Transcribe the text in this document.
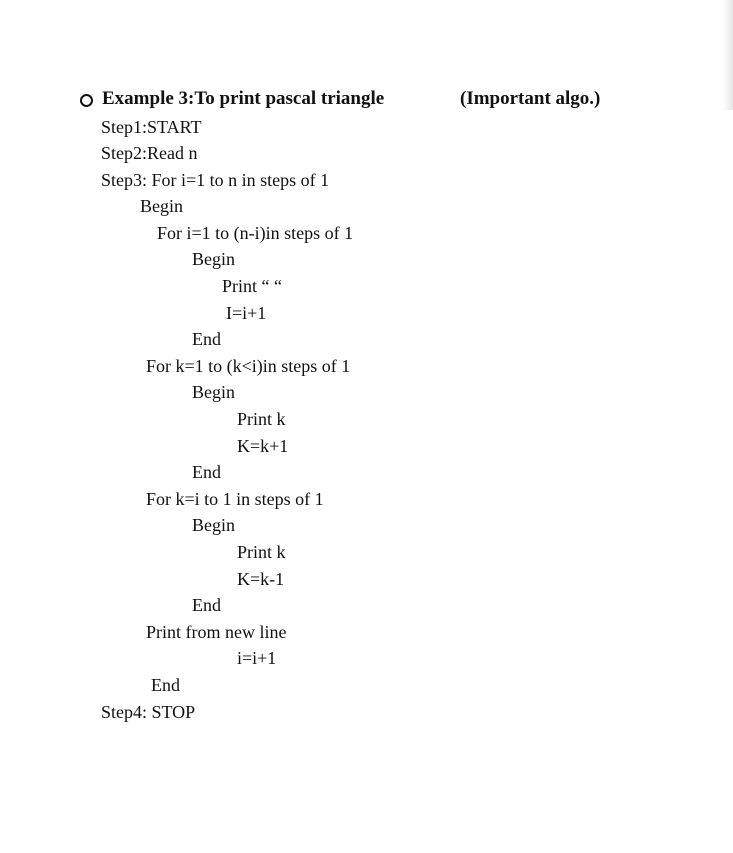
Example 3:To print pascal triangle	(Important algo.)
Step1:START
Step2:Read n
Step3: For i=1 to n in steps of 1
Begin
For i=1 to (n-i)in steps of 1
Begin
Print “ “
I=i+1
End
For k=1 to (k<i)in steps of 1
Begin
Print k
K=k+1
End
For k=i to 1 in steps of 1
Begin
Print k
K=k-1
End
Print from new line
i=i+1
End
Step4: STOP
